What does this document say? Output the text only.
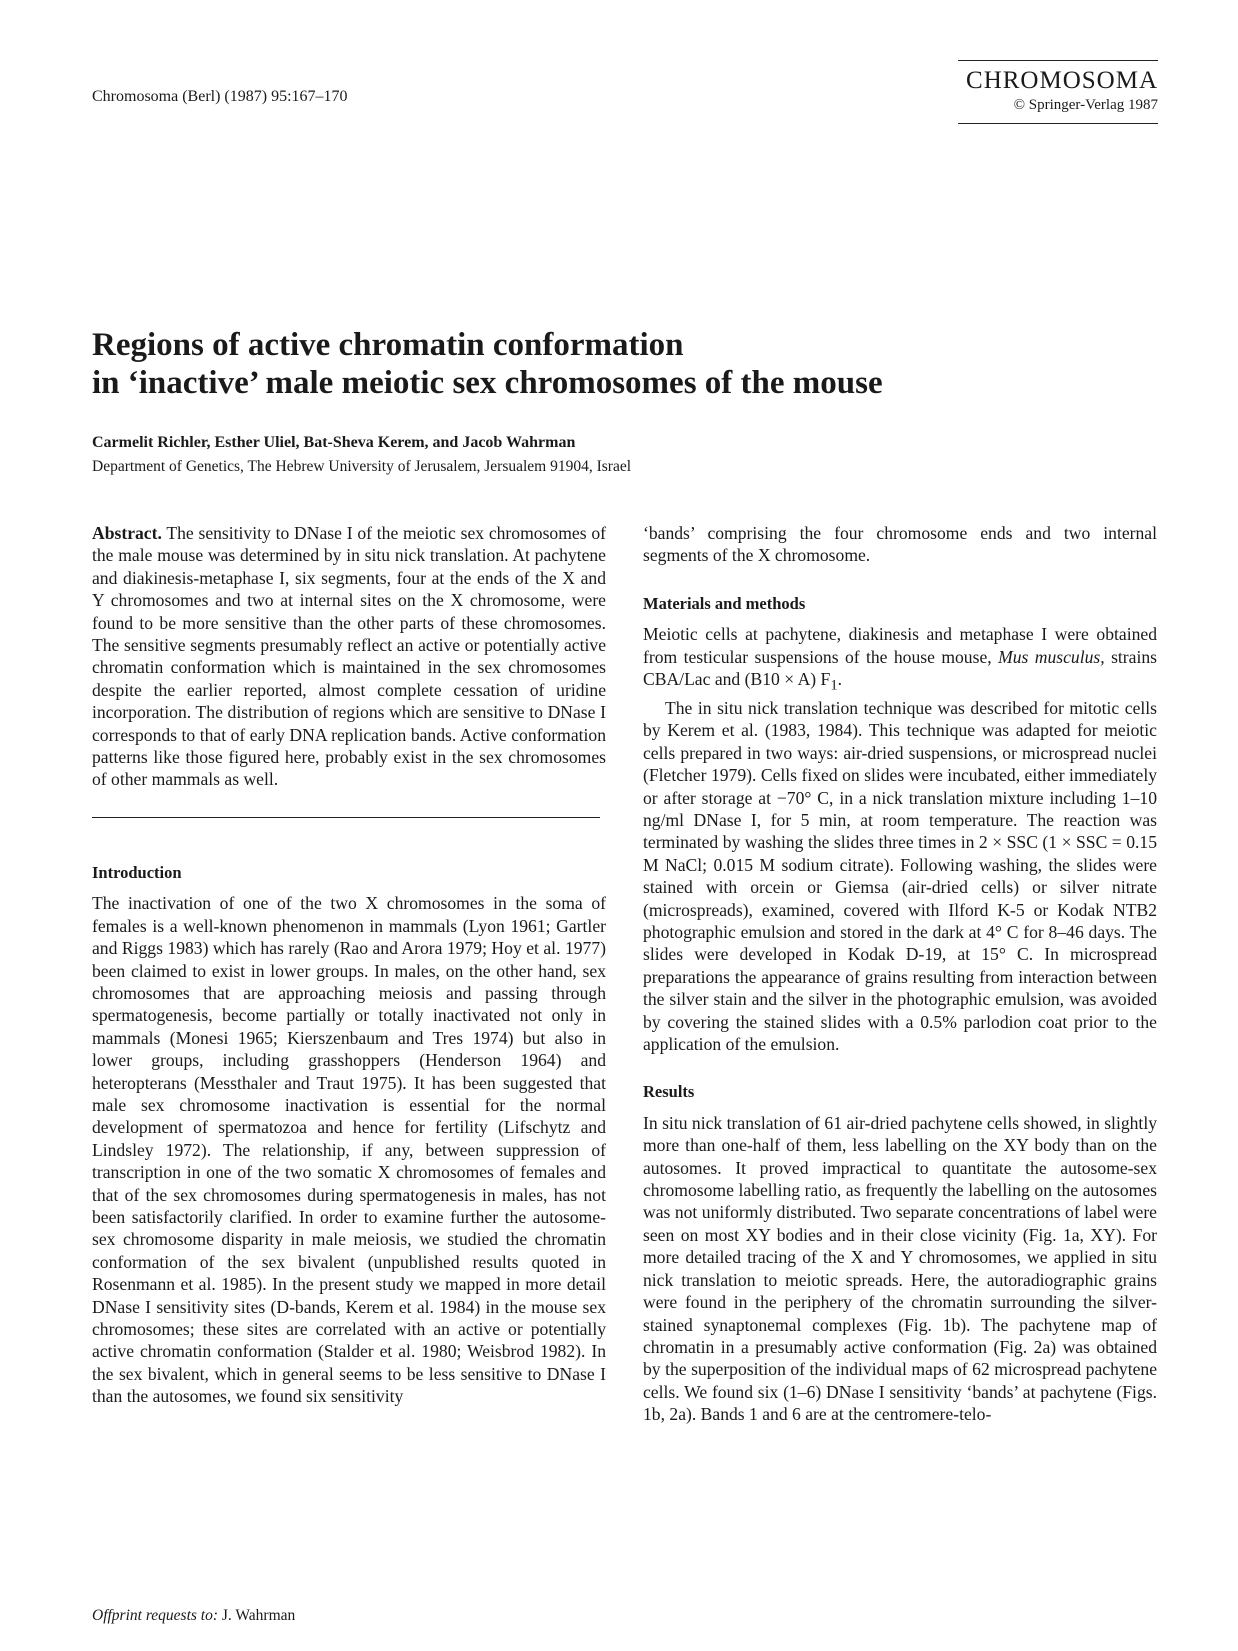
Chromosoma (Berl) (1987) 95:167–170
CHROMOSOMA
© Springer-Verlag 1987
Regions of active chromatin conformation
in ‘inactive’ male meiotic sex chromosomes of the mouse
Carmelit Richler, Esther Uliel, Bat-Sheva Kerem, and Jacob Wahrman
Department of Genetics, The Hebrew University of Jerusalem, Jersualem 91904, Israel

Abstract. The sensitivity to DNase I of the meiotic sex chromosomes of the male mouse was determined by in situ nick translation. At pachytene and diakinesis-metaphase I, six segments, four at the ends of the X and Y chromosomes and two at internal sites on the X chromosome, were found to be more sensitive than the other parts of these chromosomes. The sensitive segments presumably reflect an active or potentially active chromatin conformation which is maintained in the sex chromosomes despite the earlier reported, almost complete cessation of uridine incorporation. The distribution of regions which are sensitive to DNase I corresponds to that of early DNA replication bands. Active conformation patterns like those figured here, probably exist in the sex chromosomes of other mammals as well.

Introduction

The inactivation of one of the two X chromosomes in the soma of females is a well-known phenomenon in mammals (Lyon 1961; Gartler and Riggs 1983) which has rarely (Rao and Arora 1979; Hoy et al. 1977) been claimed to exist in lower groups. In males, on the other hand, sex chromosomes that are approaching meiosis and passing through spermatogenesis, become partially or totally inactivated not only in mammals (Monesi 1965; Kierszenbaum and Tres 1974) but also in lower groups, including grasshoppers (Henderson 1964) and heteropterans (Messthaler and Traut 1975). It has been suggested that male sex chromosome inactivation is essential for the normal development of spermatozoa and hence for fertility (Lifschytz and Lindsley 1972). The relationship, if any, between suppression of transcription in one of the two somatic X chromosomes of females and that of the sex chromosomes during spermatogenesis in males, has not been satisfactorily clarified. In order to examine further the autosome-sex chromosome disparity in male meiosis, we studied the chromatin conformation of the sex bivalent (unpublished results quoted in Rosenmann et al. 1985). In the present study we mapped in more detail DNase I sensitivity sites (D-bands, Kerem et al. 1984) in the mouse sex chromosomes; these sites are correlated with an active or potentially active chromatin conformation (Stalder et al. 1980; Weisbrod 1982). In the sex bivalent, which in general seems to be less sensitive to DNase I than the autosomes, we found six sensitivity

‘bands’ comprising the four chromosome ends and two internal segments of the X chromosome.

Materials and methods

Meiotic cells at pachytene, diakinesis and metaphase I were obtained from testicular suspensions of the house mouse, Mus musculus, strains CBA/Lac and (B10 × A) $F_1$.

The in situ nick translation technique was described for mitotic cells by Kerem et al. (1983, 1984). This technique was adapted for meiotic cells prepared in two ways: air-dried suspensions, or microspread nuclei (Fletcher 1979). Cells fixed on slides were incubated, either immediately or after storage at −70° C, in a nick translation mixture including 1–10 ng/ml DNase I, for 5 min, at room temperature. The reaction was terminated by washing the slides three times in 2 × SSC (1 × SSC = 0.15 M NaCl; 0.015 M sodium citrate). Following washing, the slides were stained with orcein or Giemsa (air-dried cells) or silver nitrate (microspreads), examined, covered with Ilford K-5 or Kodak NTB2 photographic emulsion and stored in the dark at 4° C for 8–46 days. The slides were developed in Kodak D-19, at 15° C. In microspread preparations the appearance of grains resulting from interaction between the silver stain and the silver in the photographic emulsion, was avoided by covering the stained slides with a 0.5% parlodion coat prior to the application of the emulsion.

Results

In situ nick translation of 61 air-dried pachytene cells showed, in slightly more than one-half of them, less labelling on the XY body than on the autosomes. It proved impractical to quantitate the autosome-sex chromosome labelling ratio, as frequently the labelling on the autosomes was not uniformly distributed. Two separate concentrations of label were seen on most XY bodies and in their close vicinity (Fig. 1a, XY). For more detailed tracing of the X and Y chromosomes, we applied in situ nick translation to meiotic spreads. Here, the autoradiographic grains were found in the periphery of the chromatin surrounding the silver-stained synaptonemal complexes (Fig. 1b). The pachytene map of chromatin in a presumably active conformation (Fig. 2a) was obtained by the superposition of the individual maps of 62 microspread pachytene cells. We found six (1–6) DNase I sensitivity ‘bands’ at pachytene (Figs. 1b, 2a). Bands 1 and 6 are at the centromere-telo-

Offprint requests to: J. Wahrman
